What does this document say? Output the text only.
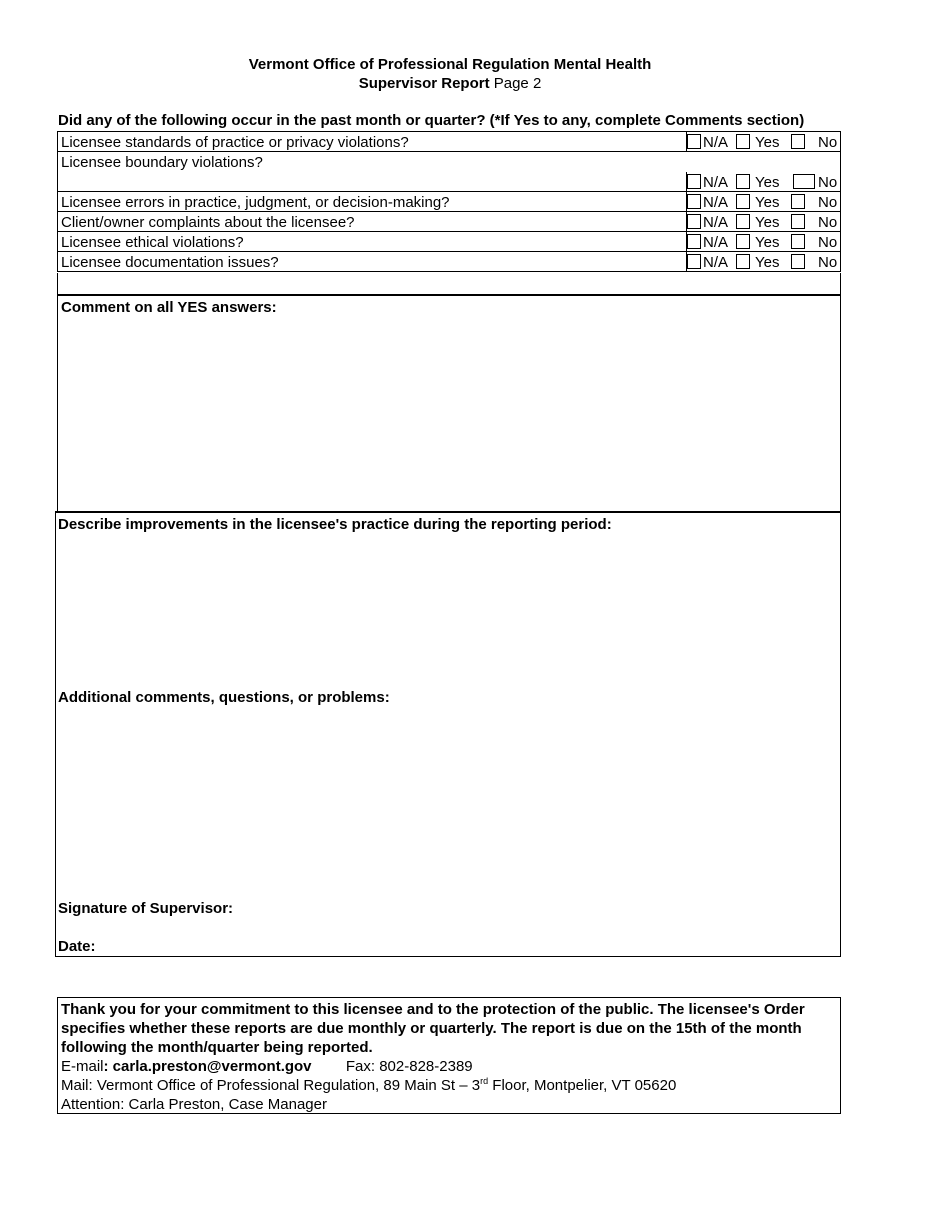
Vermont Office of Professional Regulation Mental Health
Supervisor Report Page 2
Did any of the following occur in the past month or quarter? (*If Yes to any, complete Comments section)
Licensee standards of practice or privacy violations?	N/A Yes	No
Licensee boundary violations?
N/A Yes	No
Licensee errors in practice, judgment, or decision-making?	N/A Yes	No
Client/owner complaints about the licensee?	N/A Yes	No
Licensee ethical violations?	N/A Yes	No
Licensee documentation issues?	N/A Yes	No
Comment on all YES answers:
Describe improvements in the licensee's practice during the reporting period:
Additional comments, questions, or problems:
Signature of Supervisor:
Date:
Thank you for your commitment to this licensee and to the protection of the public. The licensee's Order specifies whether these reports are due monthly or quarterly. The report is due on the 15th of the month following the month/quarter being reported.
E-mail: carla.preston@vermont.gov Fax: 802-828-2389
Mail: Vermont Office of Professional Regulation, 89 Main St – 3rd Floor, Montpelier, VT 05620
Attention: Carla Preston, Case Manager
